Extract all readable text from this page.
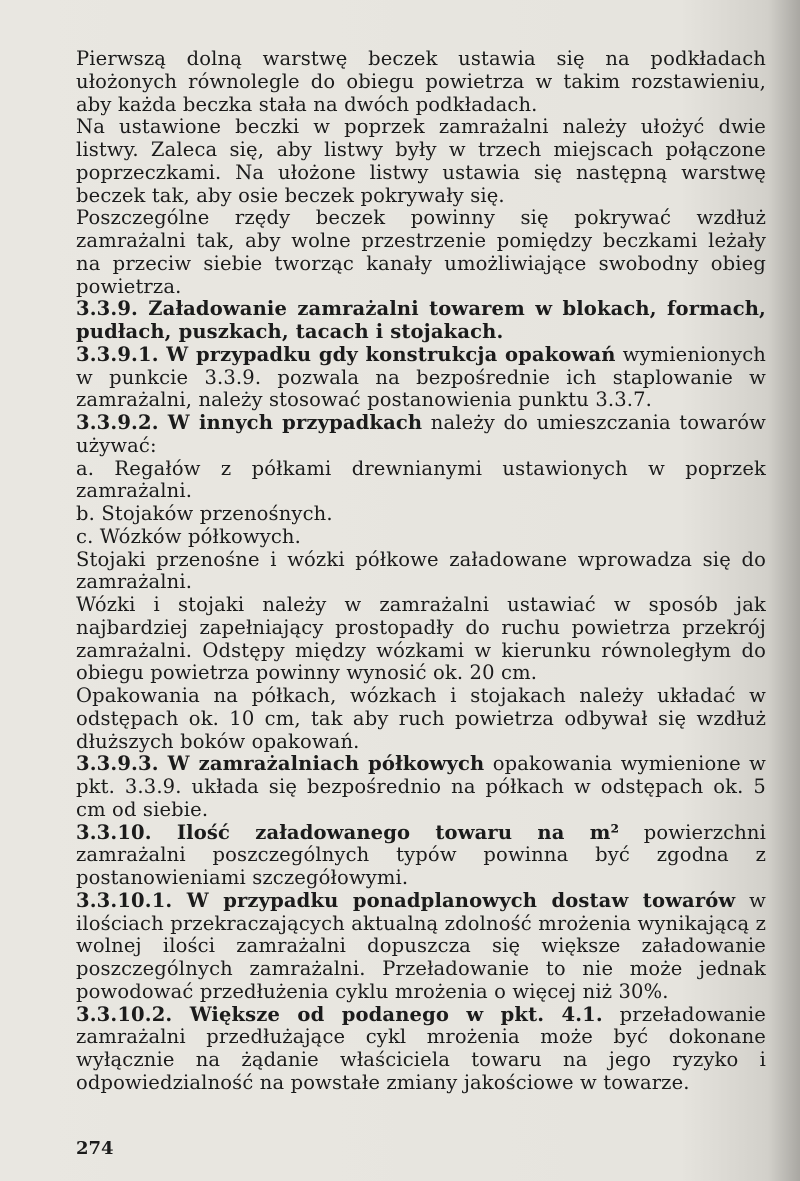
Pierwszą dolną warstwę beczek ustawia się na podkładach ułożonych równolegle do obiegu powietrza w takim rozstawieniu, aby każda beczka stała na dwóch podkładach.

Na ustawione beczki w poprzek zamrażalni należy ułożyć dwie listwy. Zaleca się, aby listwy były w trzech miejscach połączone poprzeczkami. Na ułożone listwy ustawia się następną warstwę beczek tak, aby osie beczek pokrywały się.

Poszczególne rzędy beczek powinny się pokrywać wzdłuż zamrażalni tak, aby wolne przestrzenie pomiędzy beczkami leżały na przeciw siebie tworząc kanały umożliwiające swobodny obieg powietrza.

3.3.9. Załadowanie zamrażalni towarem w blokach, formach, pudłach, puszkach, tacach i stojakach.

3.3.9.1. W przypadku gdy konstrukcja opakowań wymienionych w punkcie 3.3.9. pozwala na bezpośrednie ich staplowanie w zamrażalni, należy stosować postanowienia punktu 3.3.7.

3.3.9.2. W innych przypadkach należy do umieszczania towarów używać:

a. Regałów z półkami drewnianymi ustawionych w poprzek zamrażalni.

b. Stojaków przenośnych.

c. Wózków półkowych.

Stojaki przenośne i wózki półkowe załadowane wprowadza się do zamrażalni.

Wózki i stojaki należy w zamrażalni ustawiać w sposób jak najbardziej zapełniający prostopadły do ruchu powietrza przekrój zamrażalni. Odstępy między wózkami w kierunku równoległym do obiegu powietrza powinny wynosić ok. 20 cm.

Opakowania na półkach, wózkach i stojakach należy układać w odstępach ok. 10 cm, tak aby ruch powietrza odbywał się wzdłuż dłuższych boków opakowań.

3.3.9.3. W zamrażalniach półkowych opakowania wymienione w pkt. 3.3.9. układa się bezpośrednio na półkach w odstępach ok. 5 cm od siebie.

3.3.10. Ilość załadowanego towaru na m² powierzchni zamrażalni poszczególnych typów powinna być zgodna z postanowieniami szczegółowymi.

3.3.10.1. W przypadku ponadplanowych dostaw towarów w ilościach przekraczających aktualną zdolność mrożenia wynikającą z wolnej ilości zamrażalni dopuszcza się większe załadowanie poszczególnych zamrażalni. Przeładowanie to nie może jednak powodować przedłużenia cyklu mrożenia o więcej niż 30%.

3.3.10.2. Większe od podanego w pkt. 4.1. przeładowanie zamrażalni przedłużające cykl mrożenia może być dokonane wyłącznie na żądanie właściciela towaru na jego ryzyko i odpowiedzialność na powstałe zmiany jakościowe w towarze.

274
